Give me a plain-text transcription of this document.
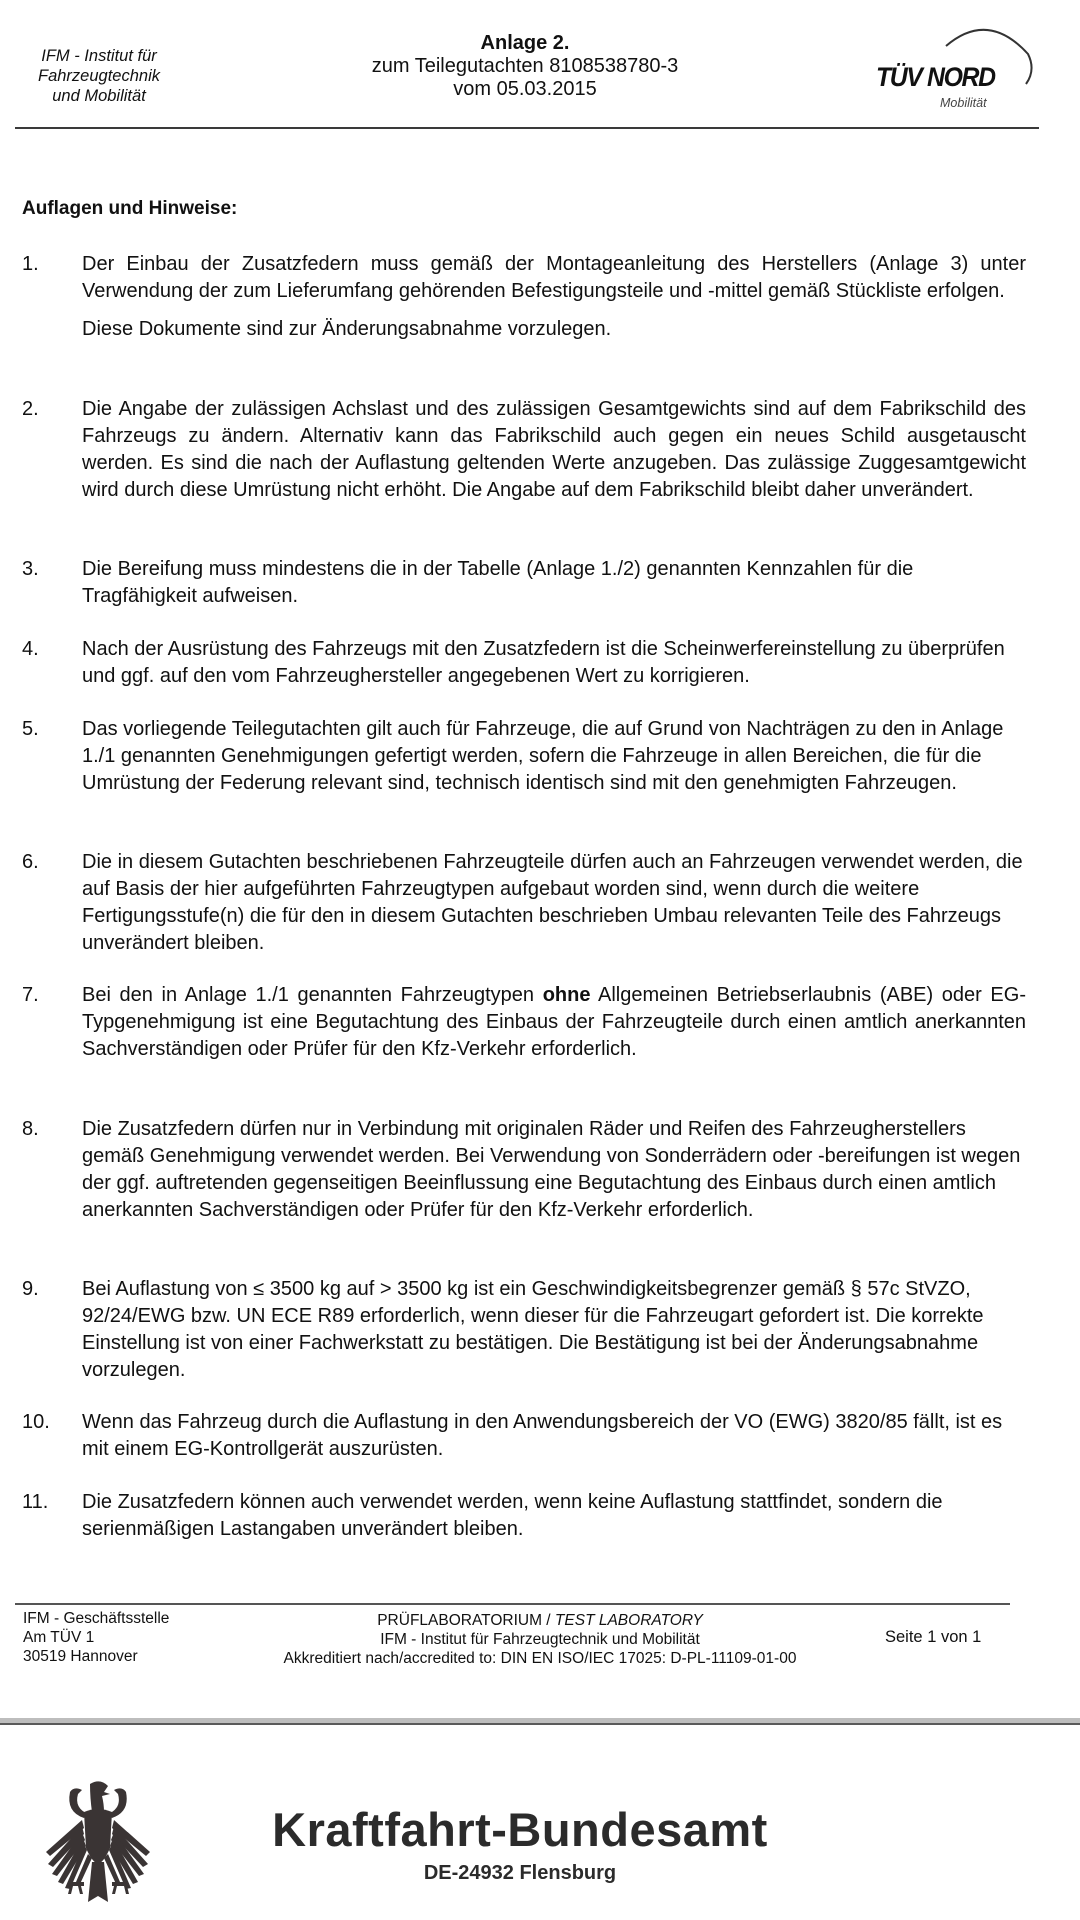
IFM - Institut für
Fahrzeugtechnik
und Mobilität
Anlage 2.
zum Teilegutachten 8108538780-3
vom 05.03.2015	TÜV NORD
Mobilität
Auflagen und Hinweise:
1.	Der Einbau der Zusatzfedern muss gemäß der Montageanleitung des Herstellers (Anlage 3) unter Verwendung der zum Lieferumfang gehörenden Befestigungsteile und -mittel gemäß Stückliste erfolgen.

Diese Dokumente sind zur Änderungsabnahme vorzulegen.

2.	Die Angabe der zulässigen Achslast und des zulässigen Gesamtgewichts sind auf dem Fabrikschild des Fahrzeugs zu ändern. Alternativ kann das Fabrikschild auch gegen ein neues Schild ausgetauscht werden. Es sind die nach der Auflastung geltenden Werte anzugeben. Das zulässige Zuggesamtgewicht wird durch diese Umrüstung nicht erhöht. Die Angabe auf dem Fabrikschild bleibt daher unverändert.

3.	Die Bereifung muss mindestens die in der Tabelle (Anlage 1./2) genannten Kennzahlen für die Tragfähigkeit aufweisen.

4.	Nach der Ausrüstung des Fahrzeugs mit den Zusatzfedern ist die Scheinwerfereinstellung zu überprüfen und ggf. auf den vom Fahrzeughersteller angegebenen Wert zu korrigieren.

5.	Das vorliegende Teilegutachten gilt auch für Fahrzeuge, die auf Grund von Nachträgen zu den in Anlage 1./1 genannten Genehmigungen gefertigt werden, sofern die Fahrzeuge in allen Bereichen, die für die Umrüstung der Federung relevant sind, technisch identisch sind mit den genehmigten Fahrzeugen.

6.	Die in diesem Gutachten beschriebenen Fahrzeugteile dürfen auch an Fahrzeugen verwendet werden, die auf Basis der hier aufgeführten Fahrzeugtypen aufgebaut worden sind, wenn durch die weitere Fertigungsstufe(n) die für den in diesem Gutachten beschrieben Umbau relevanten Teile des Fahrzeugs unverändert bleiben.

7.	Bei den in Anlage 1./1 genannten Fahrzeugtypen ohne Allgemeinen Betriebserlaubnis (ABE) oder EG-Typgenehmigung ist eine Begutachtung des Einbaus der Fahrzeugteile durch einen amtlich anerkannten Sachverständigen oder Prüfer für den Kfz-Verkehr erforderlich.

8.	Die Zusatzfedern dürfen nur in Verbindung mit originalen Räder und Reifen des Fahrzeugherstellers gemäß Genehmigung verwendet werden. Bei Verwendung von Sonderrädern oder -bereifungen ist wegen der ggf. auftretenden gegenseitigen Beeinflussung eine Begutachtung des Einbaus durch einen amtlich anerkannten Sachverständigen oder Prüfer für den Kfz-Verkehr erforderlich.

9.	Bei Auflastung von ≤ 3500 kg auf > 3500 kg ist ein Geschwindigkeitsbegrenzer gemäß § 57c StVZO, 92/24/EWG bzw. UN ECE R89 erforderlich, wenn dieser für die Fahrzeugart gefordert ist. Die korrekte Einstellung ist von einer Fachwerkstatt zu bestätigen. Die Bestätigung ist bei der Änderungsabnahme vorzulegen.

10.	Wenn das Fahrzeug durch die Auflastung in den Anwendungsbereich der VO (EWG) 3820/85 fällt, ist es mit einem EG-Kontrollgerät auszurüsten.

11.	Die Zusatzfedern können auch verwendet werden, wenn keine Auflastung stattfindet, sondern die serienmäßigen Lastangaben unverändert bleiben.

IFM - Geschäftsstelle
Am TÜV 1
30519 Hannover
PRÜFLABORATORIUM / TEST LABORATORY
IFM - Institut für Fahrzeugtechnik und Mobilität
Akkreditiert nach/accredited to: DIN EN ISO/IEC 17025: D-PL-11109-01-00
Seite 1 von 1
Kraftfahrt-Bundesamt
DE-24932 Flensburg
